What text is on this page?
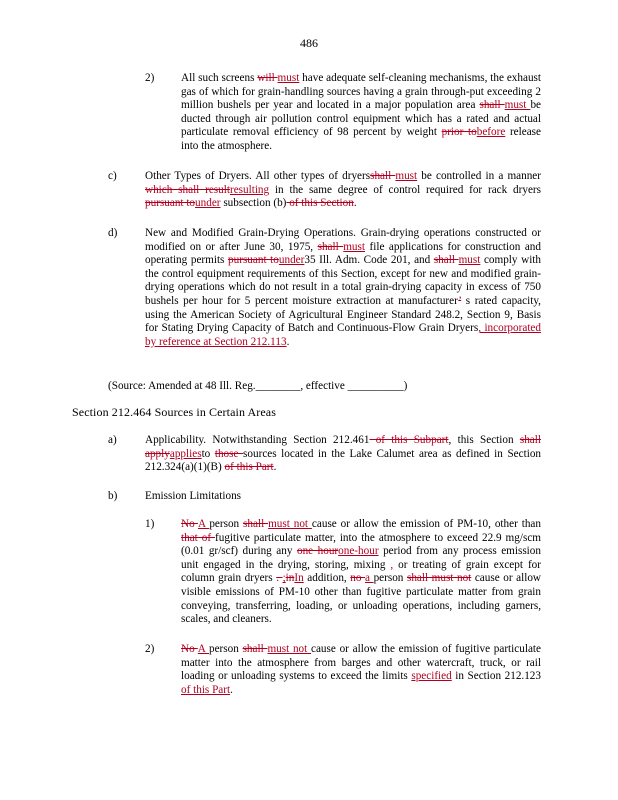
486
2) All such screens will must have adequate self-cleaning mechanisms, the exhaust gas of which for grain-handling sources having a grain through-put exceeding 2 million bushels per year and located in a major population area shall must be ducted through air pollution control equipment which has a rated and actual particulate removal efficiency of 98 percent by weight prior tobefore release into the atmosphere.
c)	Other Types of Dryers. All other types of dryersshall must be controlled in a manner which shall resultresulting in the same degree of control required for rack dryers pursuant tounder subsection (b) of this Section.
d) New and Modified Grain-Drying Operations. Grain-drying operations constructed or modified on or after June 30, 1975, shall must file applications for construction and operating permits pursuant tounder35 Ill. Adm. Code 201, and shall must comply with the control equipment requirements of this Section, except for new and modified grain-drying operations which do not result in a total grain-drying capacity in excess of 750 bushels per hour for 5 percent moisture extraction at manufacturer’ s rated capacity, using the American Society of Agricultural Engineer Standard 248.2, Section 9, Basis for Stating Drying Capacity of Batch and Continuous-Flow Grain Dryers, incorporated by reference at Section 212.113.
(Source: Amended at 48 Ill. Reg.________, effective __________)
Section 212.464 Sources in Certain Areas
a)	Applicability. Notwithstanding Section 212.461 of this Subpart, this Section shall applyappliesto those sources located in the Lake Calumet area as defined in Section 212.324(a)(1)(B) of this Part.
b) Emission Limitations
1) No A person shall must not cause or allow the emission of PM-10, other than that of fugitive particulate matter, into the atmosphere to exceed 22.9 mg/scm (0.01 gr/scf) during any one hourone-hour period from any process emission unit engaged in the drying, storing, mixing , or treating of grain except for column grain dryers . ;inIn addition, no a person shall must not cause or allow visible emissions of PM-10 other than fugitive particulate matter from grain conveying, transferring, loading, or unloading operations, including garners, scales, and cleaners.
2) No A person shall must not cause or allow the emission of fugitive particulate matter into the atmosphere from barges and other watercraft, truck, or rail loading or unloading systems to exceed the limits specified in Section 212.123 of this Part.
